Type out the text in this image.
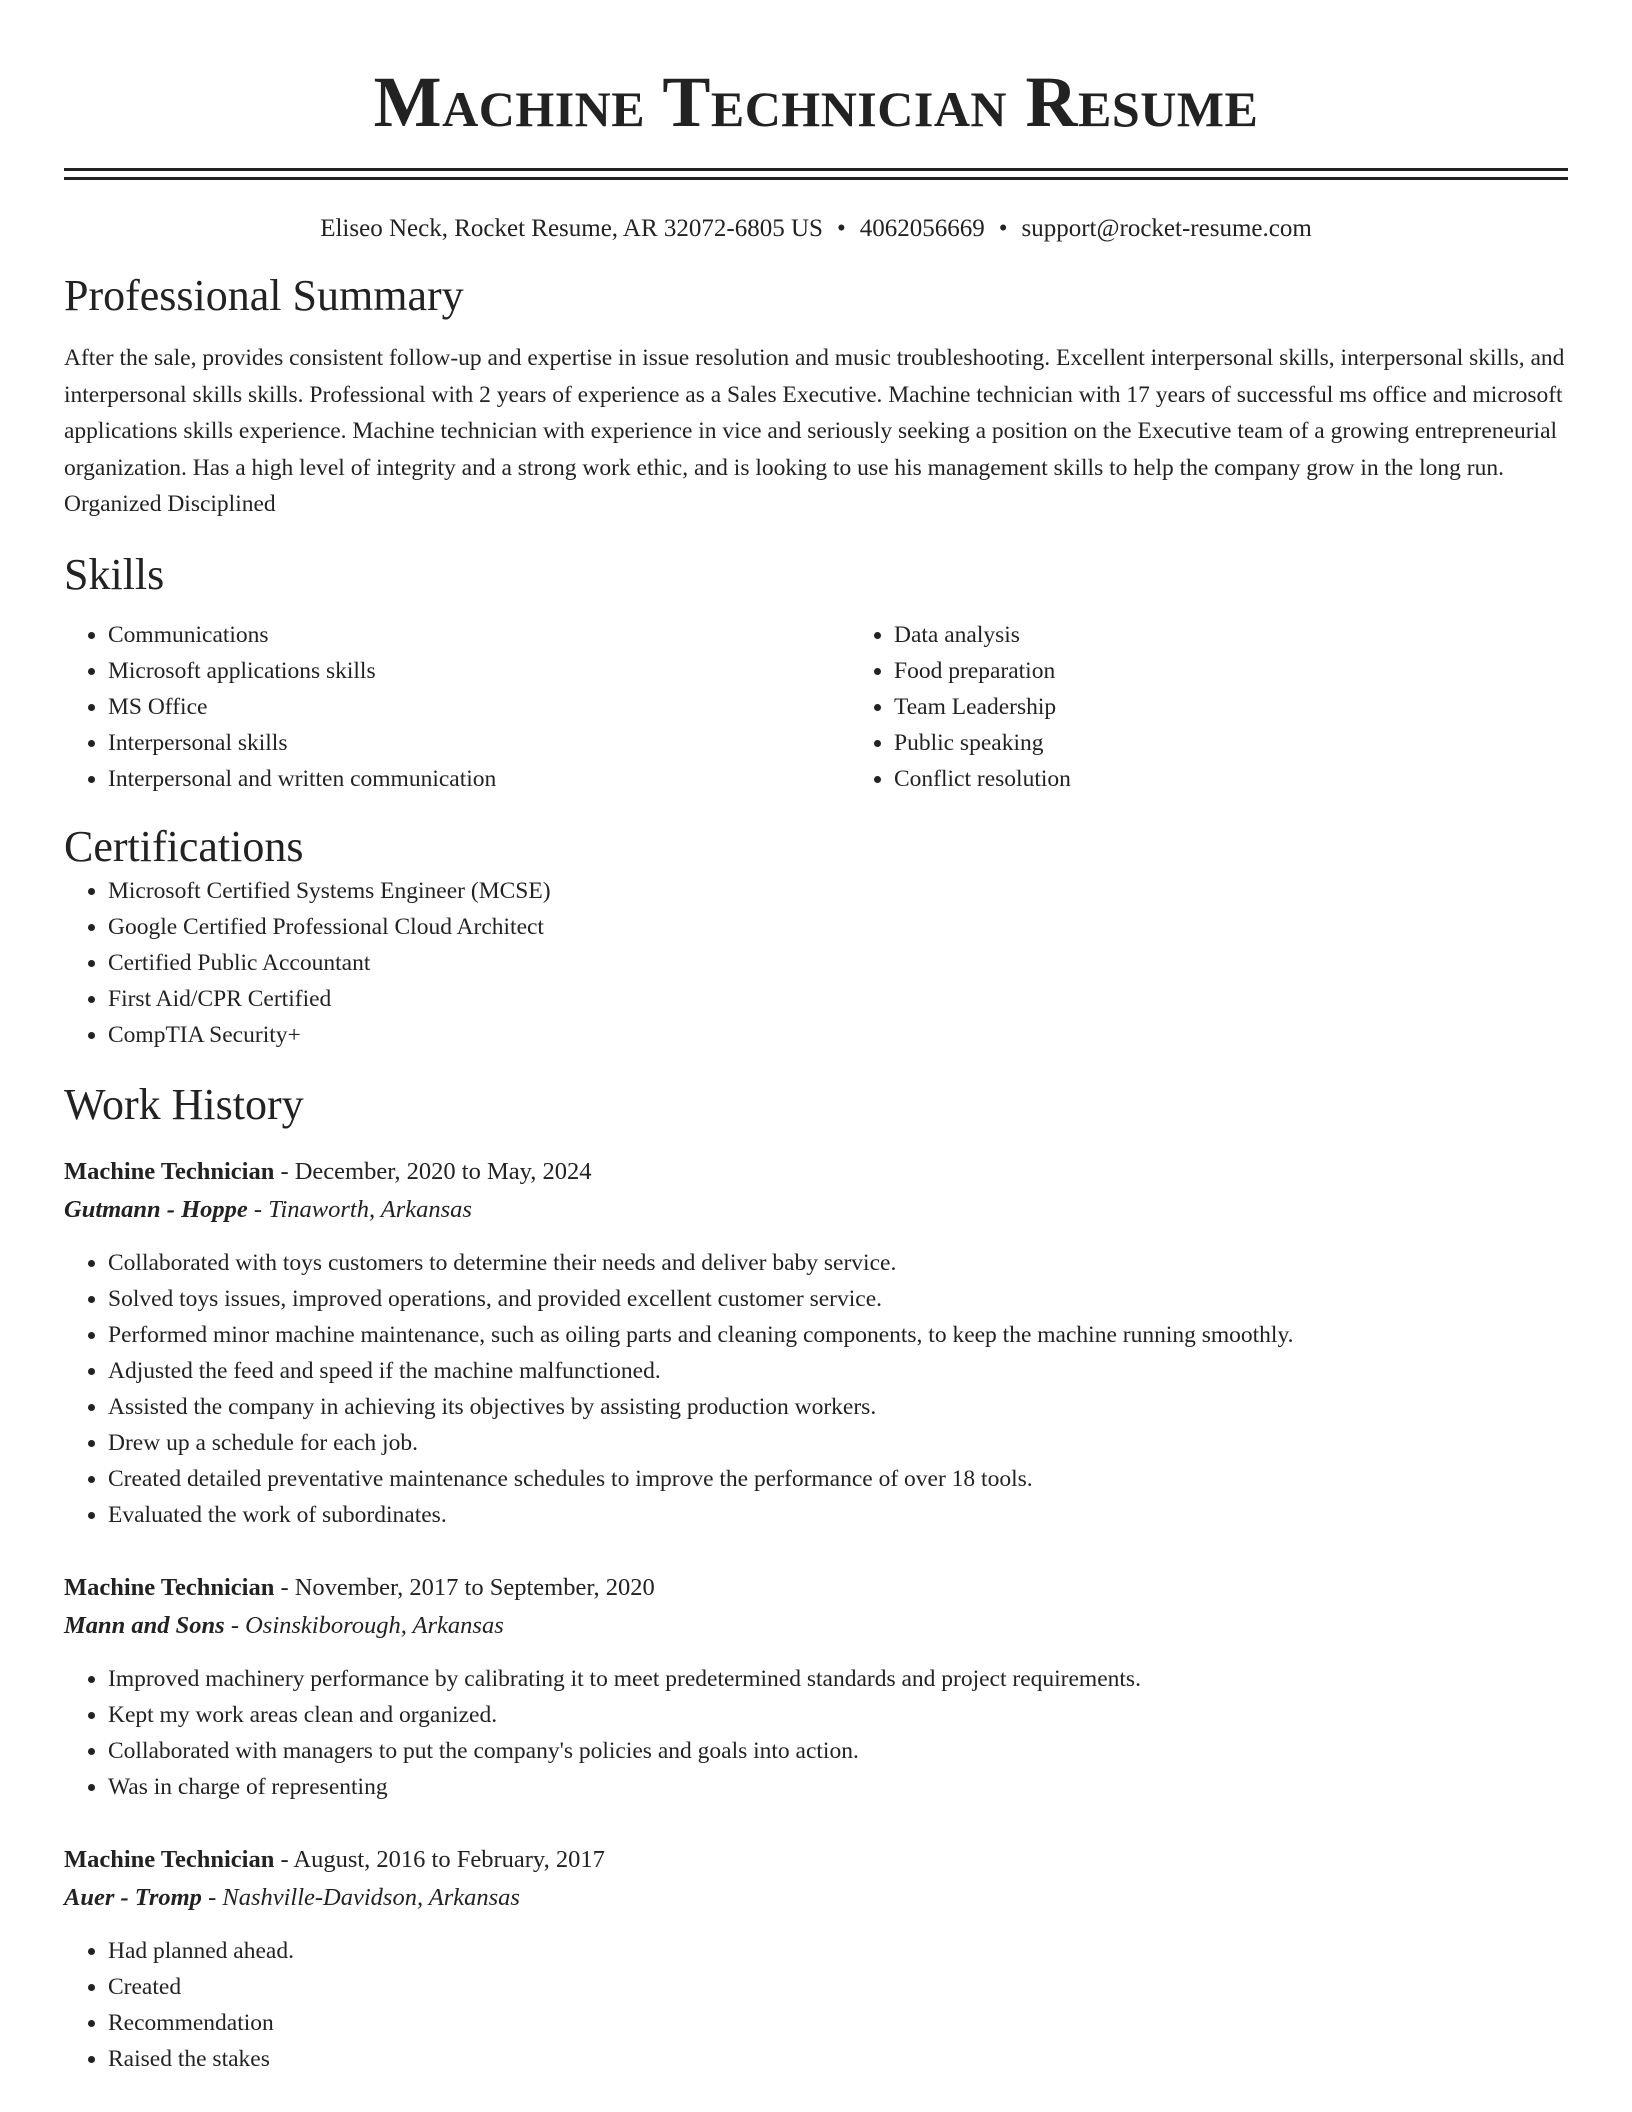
Machine Technician Resume
Eliseo Neck, Rocket Resume, AR 32072-6805 US • 4062056669 • support@rocket-resume.com
Professional Summary
After the sale, provides consistent follow-up and expertise in issue resolution and music troubleshooting. Excellent interpersonal skills, interpersonal skills, and interpersonal skills skills. Professional with 2 years of experience as a Sales Executive. Machine technician with 17 years of successful ms office and microsoft applications skills experience. Machine technician with experience in vice and seriously seeking a position on the Executive team of a growing entrepreneurial organization. Has a high level of integrity and a strong work ethic, and is looking to use his management skills to help the company grow in the long run. Organized Disciplined
Skills
• Communications
• Microsoft applications skills
• MS Office
• Interpersonal skills
• Interpersonal and written communication
• Data analysis
• Food preparation
• Team Leadership
• Public speaking
• Conflict resolution
Certifications
• Microsoft Certified Systems Engineer (MCSE)
• Google Certified Professional Cloud Architect
• Certified Public Accountant
• First Aid/CPR Certified
• CompTIA Security+
Work History
Machine Technician - December, 2020 to May, 2024
Gutmann - Hoppe - Tinaworth, Arkansas
• Collaborated with toys customers to determine their needs and deliver baby service.
• Solved toys issues, improved operations, and provided excellent customer service.
• Performed minor machine maintenance, such as oiling parts and cleaning components, to keep the machine running smoothly.
• Adjusted the feed and speed if the machine malfunctioned.
• Assisted the company in achieving its objectives by assisting production workers.
• Drew up a schedule for each job.
• Created detailed preventative maintenance schedules to improve the performance of over 18 tools.
• Evaluated the work of subordinates.
Machine Technician - November, 2017 to September, 2020
Mann and Sons - Osinskiborough, Arkansas
• Improved machinery performance by calibrating it to meet predetermined standards and project requirements.
• Kept my work areas clean and organized.
• Collaborated with managers to put the company's policies and goals into action.
• Was in charge of representing
Machine Technician - August, 2016 to February, 2017
Auer - Tromp - Nashville-Davidson, Arkansas
• Had planned ahead.
• Created
• Recommendation
• Raised the stakes
